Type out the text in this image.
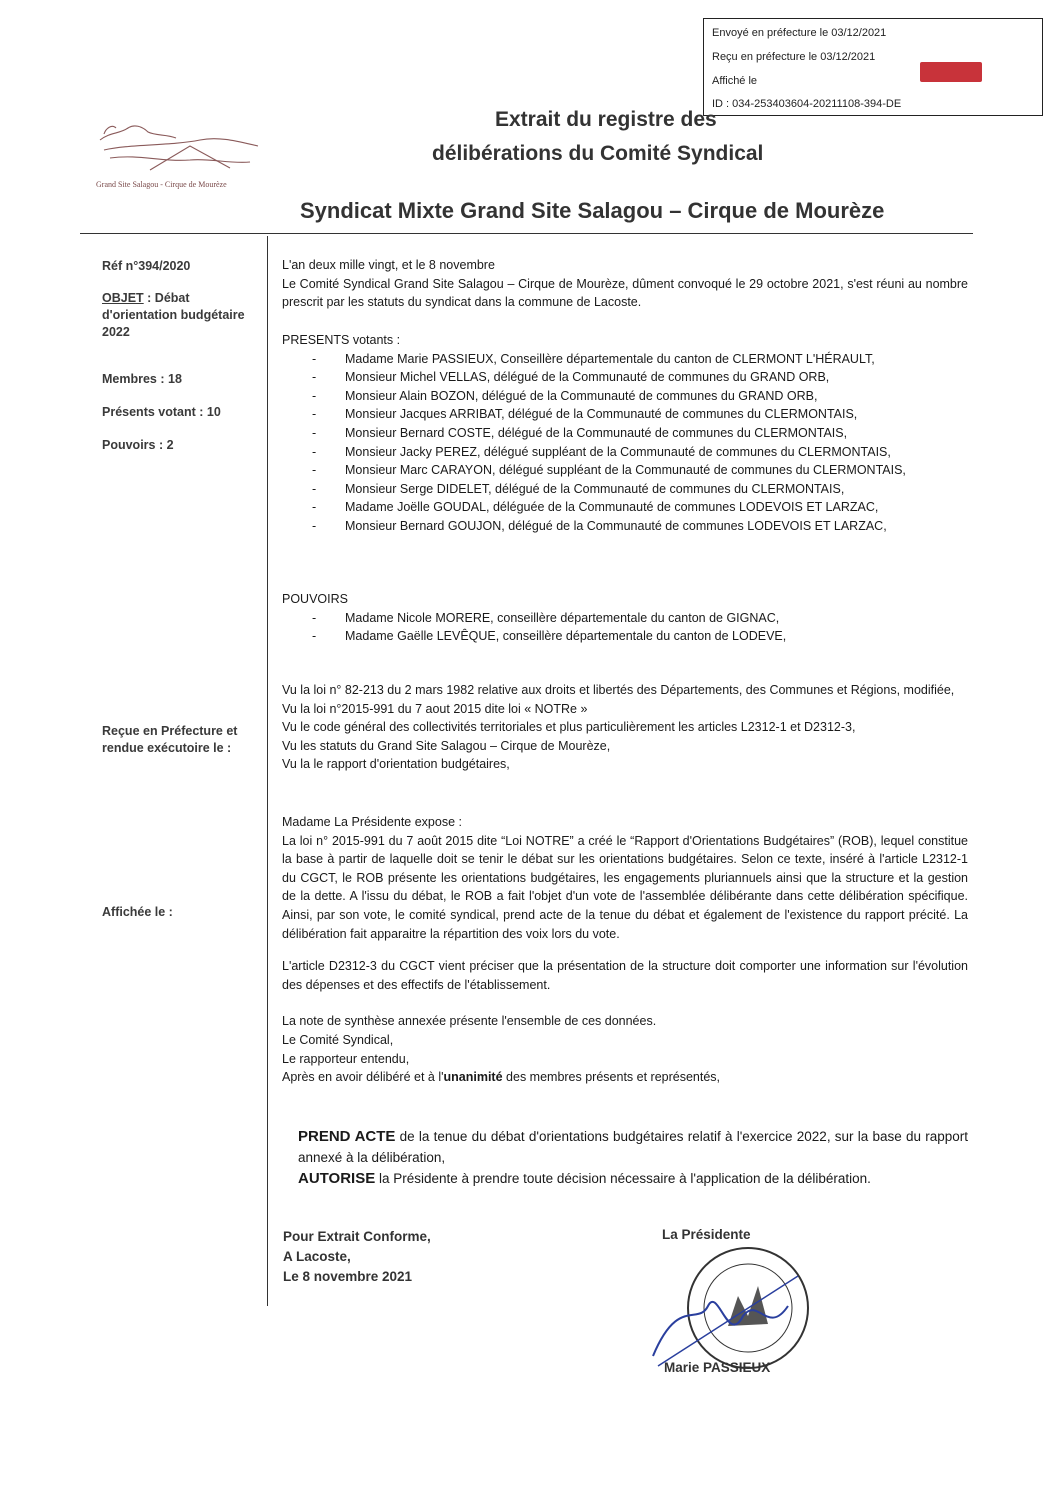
Envoyé en préfecture le 03/12/2021
Reçu en préfecture le 03/12/2021
Affiché le
ID : 034-253403604-20211108-394-DE
Grand Site Salagou - Cirque de Mourèze
Extrait du registre des
délibérations du Comité Syndical
Syndicat Mixte Grand Site Salagou – Cirque de Mourèze
Réf n°394/2020
OBJET : Débat d'orientation budgétaire 2022
Membres : 18
Présents votant : 10
Pouvoirs : 2
Reçue en Préfecture et rendue exécutoire le :
Affichée le :

L'an deux mille vingt, et le 8 novembre

Le Comité Syndical Grand Site Salagou – Cirque de Mourèze, dûment convoqué le 29 octobre 2021, s'est réuni au nombre prescrit par les statuts du syndicat dans la commune de Lacoste.

PRESENTS votants :

- Madame Marie PASSIEUX, Conseillère départementale du canton de CLERMONT L'HÉRAULT,
- Monsieur Michel VELLAS, délégué de la Communauté de communes du GRAND ORB,
- Monsieur Alain BOZON, délégué de la Communauté de communes du GRAND ORB,
- Monsieur Jacques ARRIBAT, délégué de la Communauté de communes du CLERMONTAIS,
- Monsieur Bernard COSTE, délégué de la Communauté de communes du CLERMONTAIS,
- Monsieur Jacky PEREZ, délégué suppléant de la Communauté de communes du CLERMONTAIS,
- Monsieur Marc CARAYON, délégué suppléant de la Communauté de communes du CLERMONTAIS,
- Monsieur Serge DIDELET, délégué de la Communauté de communes du CLERMONTAIS,
- Madame Joëlle GOUDAL, déléguée de la Communauté de communes LODEVOIS ET LARZAC,
- Monsieur Bernard GOUJON, délégué de la Communauté de communes LODEVOIS ET LARZAC,

POUVOIRS

- Madame Nicole MORERE, conseillère départementale du canton de GIGNAC,
- Madame Gaëlle LEVÊQUE, conseillère départementale du canton de LODEVE,

Vu la loi n° 82-213 du 2 mars 1982 relative aux droits et libertés des Départements, des Communes et Régions, modifiée,

Vu la loi n°2015-991 du 7 aout 2015 dite loi « NOTRe »

Vu le code général des collectivités territoriales et plus particulièrement les articles L2312-1 et D2312-3,

Vu les statuts du Grand Site Salagou – Cirque de Mourèze,

Vu la le rapport d'orientation budgétaires,

Madame La Présidente expose :

La loi n° 2015-991 du 7 août 2015 dite “Loi NOTRE” a créé le “Rapport d'Orientations Budgétaires” (ROB), lequel constitue la base à partir de laquelle doit se tenir le débat sur les orientations budgétaires. Selon ce texte, inséré à l'article L2312-1 du CGCT, le ROB présente les orientations budgétaires, les engagements pluriannuels ainsi que la structure et la gestion de la dette. A l'issu du débat, le ROB a fait l'objet d'un vote de l'assemblée délibérante dans cette délibération spécifique. Ainsi, par son vote, le comité syndical, prend acte de la tenue du débat et également de l'existence du rapport précité. La délibération fait apparaitre la répartition des voix lors du vote.

L'article D2312-3 du CGCT vient préciser que la présentation de la structure doit comporter une information sur l'évolution des dépenses et des effectifs de l'établissement.

La note de synthèse annexée présente l'ensemble de ces données.

Le Comité Syndical,

Le rapporteur entendu,

Après en avoir délibéré et à l'unanimité des membres présents et représentés,

PREND ACTE de la tenue du débat d'orientations budgétaires relatif à l'exercice 2022, sur la base du rapport annexé à la délibération,

AUTORISE la Présidente à prendre toute décision nécessaire à l'application de la délibération.

Pour Extrait Conforme,
A Lacoste,
Le 8 novembre 2021
La Présidente
Marie PASSIEUX
